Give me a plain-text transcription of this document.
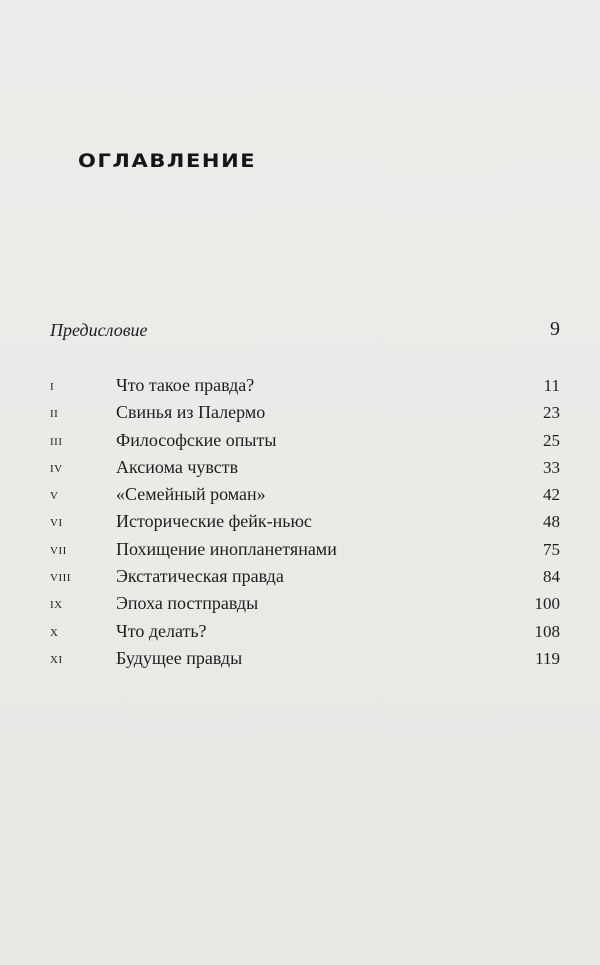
ОГЛАВЛЕНИЕ
Предисловие	9
i	Что такое правда?	11
ii	Свинья из Палермо	23
iii	Философские опыты	25
iv	Аксиома чувств	33
v	«Семейный роман»	42
vi	Исторические фейк-ньюс	48
vii	Похищение инопланетянами	75
viii	Экстатическая правда	84
ix	Эпоха постправды	100
x	Что делать?	108
xi	Будущее правды	119
